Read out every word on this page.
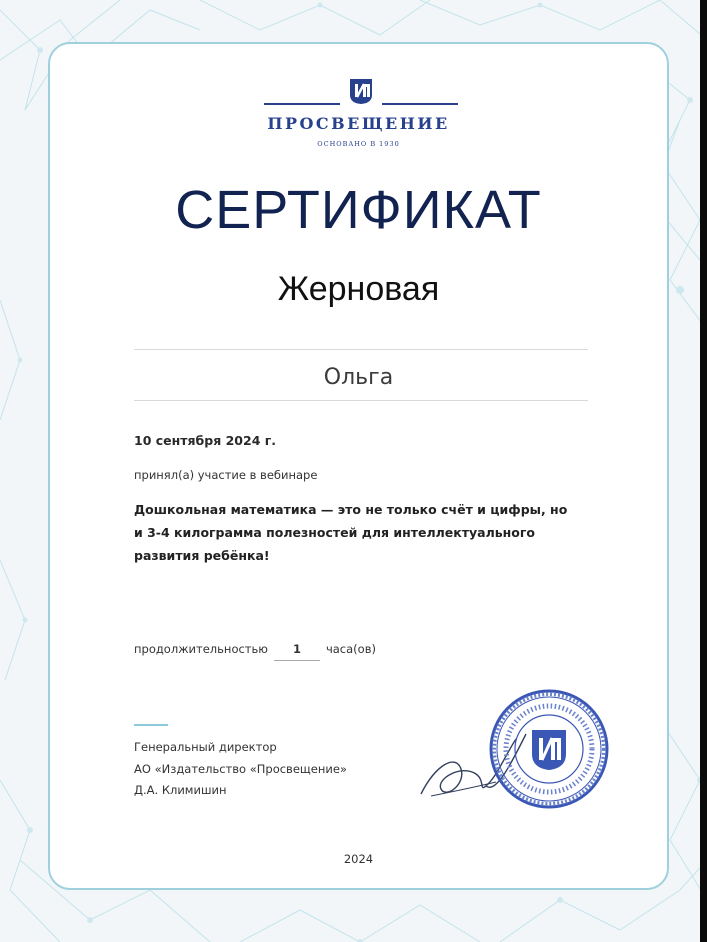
ПРОСВЕЩЕНИЕ
ОСНОВАНО В 1930
СЕРТИФИКАТ
Жерновая
Ольга
10 сентября 2024 г.
принял(а) участие в вебинаре
Дошкольная математика — это не только счёт и цифры, но и 3-4 килограмма полезностей для интеллектуального развития ребёнка!
продолжительностью 1 часа(ов)
Генеральный директор
АО «Издательство «Просвещение»
Д.А. Климишин
2024
